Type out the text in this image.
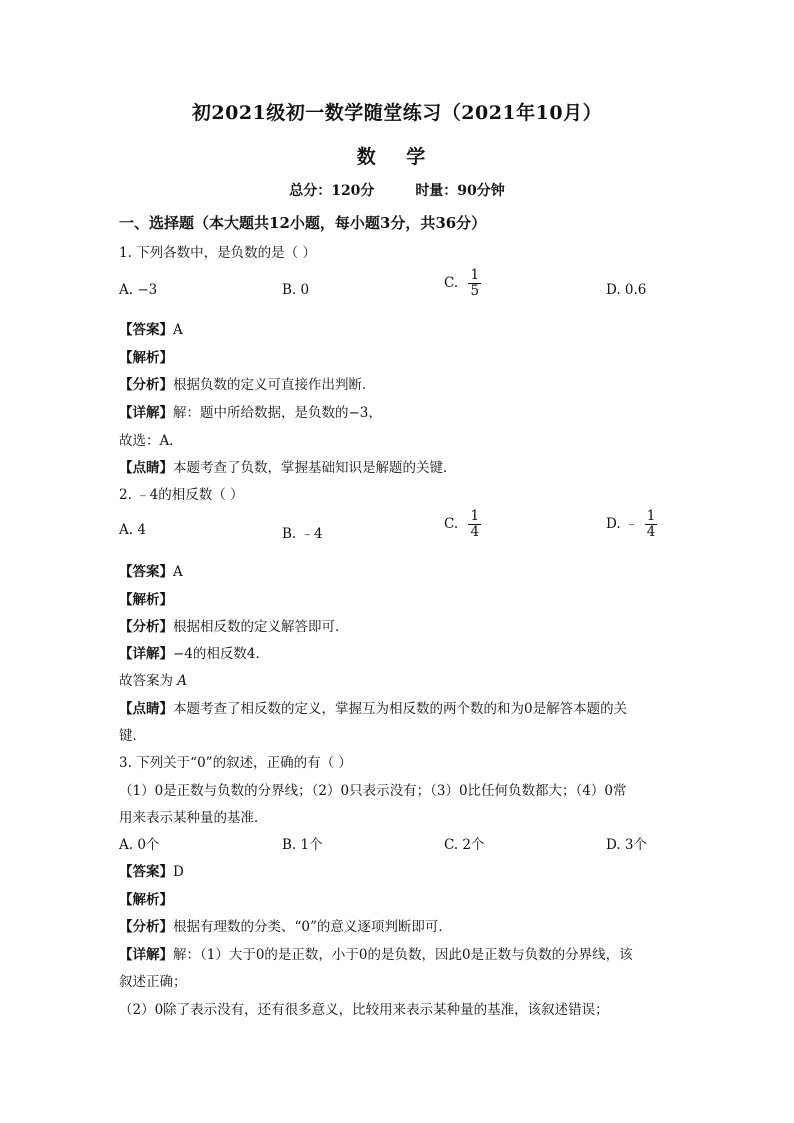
初2021级初一数学随堂练习（2021年10月）
数 学
总分：120分	时量：90分钟
一、选择题（本大题共12小题，每小题3分，共36分）
1. 下列各数中，是负数的是（ ）
A. −3	B. 0	C. $\frac{1}{5}$	D. 0.6
【答案】A
【解析】
【分析】根据负数的定义可直接作出判断．
【详解】解：题中所给数据，是负数的−3，
故选：A．
【点睛】本题考查了负数，掌握基础知识是解题的关键．
2. ﹣4的相反数（ ）
A. 4	B. ﹣4
C. $\frac{1}{4}$	D. ﹣ $\frac{1}{4}$
【答案】A
【解析】
【分析】根据相反数的定义解答即可．
【详解】−4的相反数4．
故答案为 A
【点睛】本题考查了相反数的定义，掌握互为相反数的两个数的和为0是解答本题的关
键．
3. 下列关于“0”的叙述，正确的有（ ）
（1）0是正数与负数的分界线；（2）0只表示没有；（3）0比任何负数都大；（4）0常
用来表示某种量的基准．
A. 0个	B. 1个	C. 2个	D. 3个
【答案】D
【解析】
【分析】根据有理数的分类、“0”的意义逐项判断即可．
【详解】解：（1）大于0的是正数，小于0的是负数，因此0是正数与负数的分界线，该
叙述正确；
（2）0除了表示没有，还有很多意义，比较用来表示某种量的基准，该叙述错误；
